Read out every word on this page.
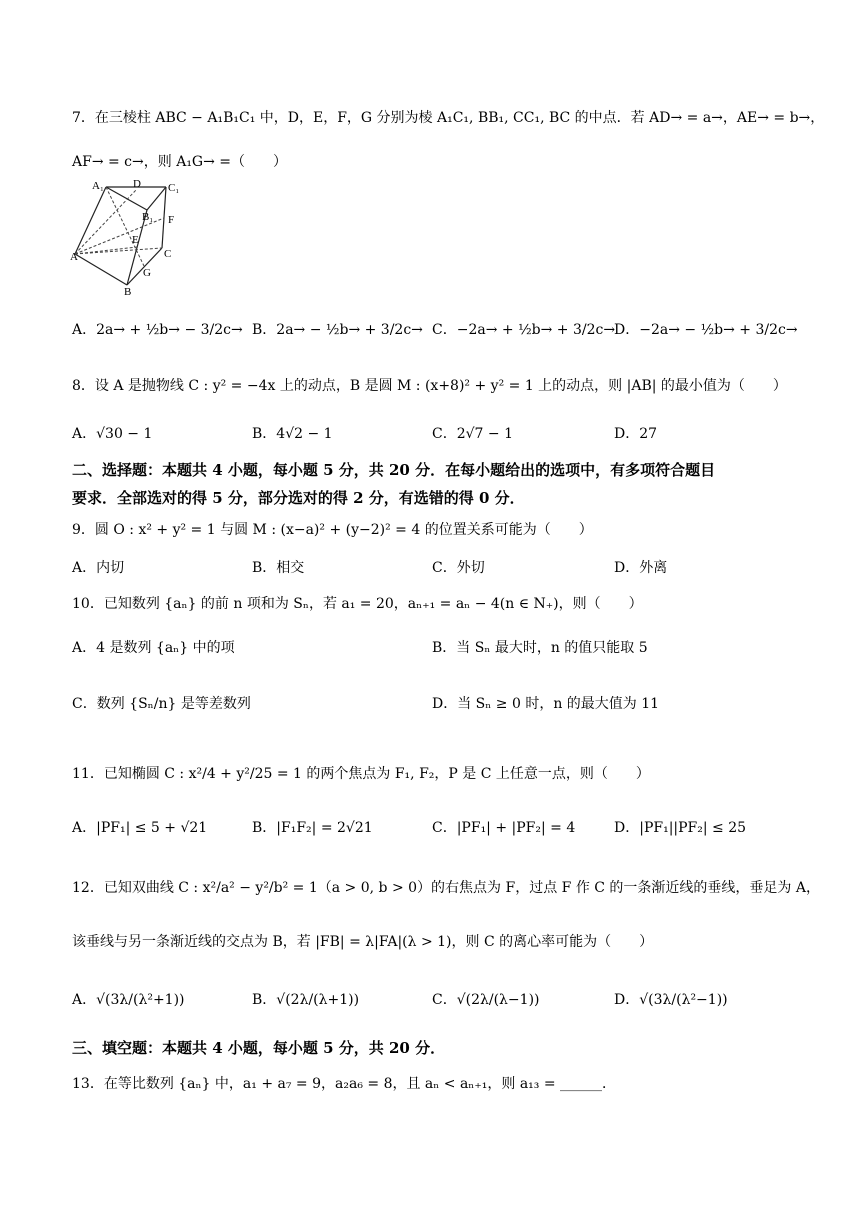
7．在三棱柱 ABC − A₁B₁C₁ 中，D，E，F，G 分别为棱 A₁C₁, BB₁, CC₁, BC 的中点．若 AD→ = a→，AE→ = b→，
AF→ = c→，则 A₁G→ =（　　）
A₁	D C₁
B₁ F
E
A	C
G
B
A．2a→ + ½b→ − 3/2c→ B．2a→ − ½b→ + 3/2c→ C．−2a→ + ½b→ + 3/2c→
D．−2a→ − ½b→ + 3/2c→
8．设 A 是抛物线 C : y² = −4x 上的动点，B 是圆 M : (x+8)² + y² = 1 上的动点，则 |AB| 的最小值为（　　）
A．√30 − 1	B．4√2 − 1	C．2√7 − 1	D．27
二、选择题：本题共 4 小题，每小题 5 分，共 20 分．在每小题给出的选项中，有多项符合题目
要求．全部选对的得 5 分，部分选对的得 2 分，有选错的得 0 分．
9．圆 O : x² + y² = 1 与圆 M : (x−a)² + (y−2)² = 4 的位置关系可能为（　　）
A．内切	B．相交	C．外切	D．外离
10．已知数列 {aₙ} 的前 n 项和为 Sₙ，若 a₁ = 20，aₙ₊₁ = aₙ − 4(n ∈ N₊)，则（　　）
A．4 是数列 {aₙ} 中的项	B．当 Sₙ 最大时，n 的值只能取 5
C．数列 {Sₙ/n} 是等差数列	D．当 Sₙ ≥ 0 时，n 的最大值为 11
11．已知椭圆 C : x²/4 + y²/25 = 1 的两个焦点为 F₁, F₂，P 是 C 上任意一点，则（　　）
A．|PF₁| ≤ 5 + √21	B．|F₁F₂| = 2√21	C．|PF₁| + |PF₂| = 4	D．|PF₁||PF₂| ≤ 25
12．已知双曲线 C : x²/a² − y²/b² = 1（a > 0, b > 0）的右焦点为 F，过点 F 作 C 的一条渐近线的垂线，垂足为 A，
该垂线与另一条渐近线的交点为 B，若 |FB| = λ|FA|(λ > 1)，则 C 的离心率可能为（　　）
A．√(3λ/(λ²+1))	B．√(2λ/(λ+1))	C．√(2λ/(λ−1))	D．√(3λ/(λ²−1))
三、填空题：本题共 4 小题，每小题 5 分，共 20 分．
13．在等比数列 {aₙ} 中，a₁ + a₇ = 9，a₂a₆ = 8，且 aₙ < aₙ₊₁，则 a₁₃ = ______．
